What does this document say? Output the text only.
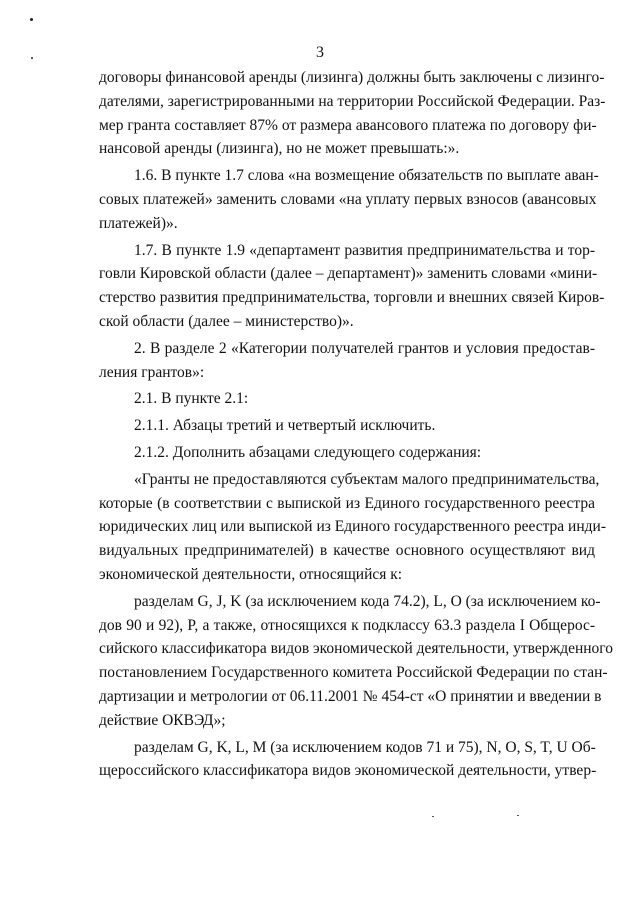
3
договоры финансовой аренды (лизинга) должны быть заключены с лизинго-
дателями, зарегистрированными на территории Российской Федерации. Раз-
мер гранта составляет 87% от размера авансового платежа по договору фи-
нансовой аренды (лизинга), но не может превышать:».
1.6. В пункте 1.7 слова «на возмещение обязательств по выплате аван-
совых платежей» заменить словами «на уплату первых взносов (авансовых
платежей)».
1.7. В пункте 1.9 «департамент развития предпринимательства и тор-
говли Кировской области (далее – департамент)» заменить словами «мини-
стерство развития предпринимательства, торговли и внешних связей Киров-
ской области (далее – министерство)».
2. В разделе 2 «Категории получателей грантов и условия предостав-
ления грантов»:
2.1. В пункте 2.1:
2.1.1. Абзацы третий и четвертый исключить.
2.1.2. Дополнить абзацами следующего содержания:
«Гранты не предоставляются субъектам малого предпринимательства,
которые (в соответствии с выпиской из Единого государственного реестра
юридических лиц или выпиской из Единого государственного реестра инди-
видуальных предпринимателей) в качестве основного осуществляют вид
экономической деятельности, относящийся к:
разделам G, J, K (за исключением кода 74.2), L, O (за исключением ко-
дов 90 и 92), P, а также, относящихся к подклассу 63.3 раздела I Общерос-
сийского классификатора видов экономической деятельности, утвержденного
постановлением Государственного комитета Российской Федерации по стан-
дартизации и метрологии от 06.11.2001 № 454-ст «О принятии и введении в
действие ОКВЭД»;
разделам G, K, L, M (за исключением кодов 71 и 75), N, O, S, T, U Об-
щероссийского классификатора видов экономической деятельности, утвер-
